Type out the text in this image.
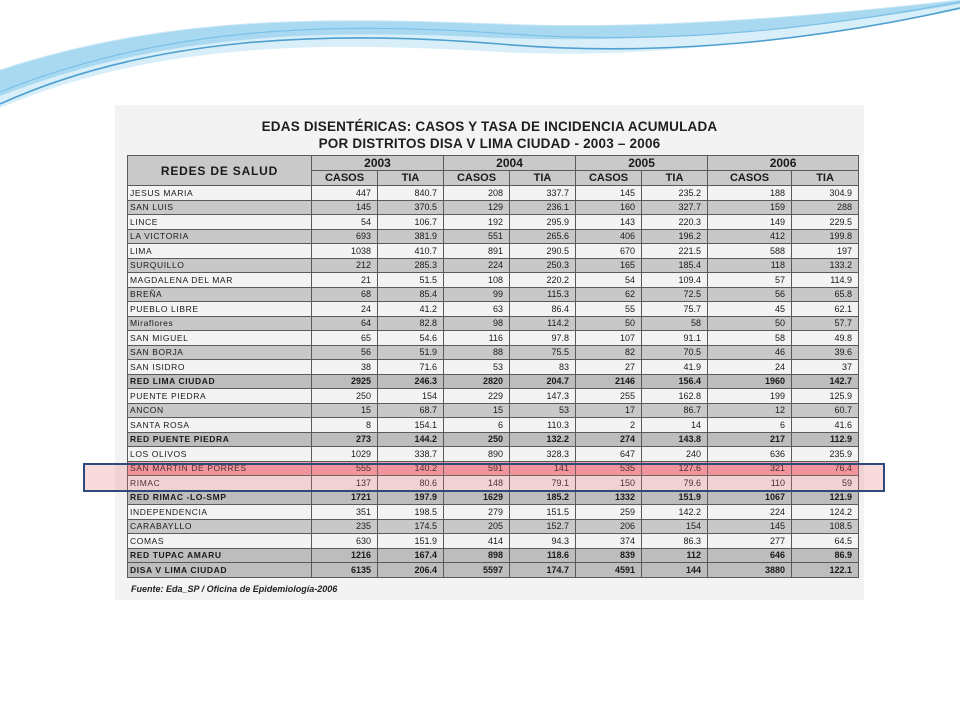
EDAS DISENTÉRICAS: CASOS Y TASA DE INCIDENCIA ACUMULADA
POR DISTRITOS DISA V LIMA CIUDAD - 2003 – 2006
REDES DE SALUD	2003		2004		2005		2006	
	CASOS	TIA	CASOS	TIA	CASOS	TIA	CASOS	TIA
JESUS MARIA	447	840.7	208	337.7	145	235.2	188	304.9
SAN LUIS	145	370.5	129	236.1	160	327.7	159	288
LINCE	54	106.7	192	295.9	143	220.3	149	229.5
LA VICTORIA	693	381.9	551	265.6	406	196.2	412	199.8
LIMA	1038	410.7	891	290.5	670	221.5	588	197
SURQUILLO	212	285.3	224	250.3	165	185.4	118	133.2
MAGDALENA DEL MAR	21	51.5	108	220.2	54	109.4	57	114.9
BREÑA	68	85.4	99	115.3	62	72.5	56	65.8
PUEBLO LIBRE	24	41.2	63	86.4	55	75.7	45	62.1
Miraflores	64	82.8	98	114.2	50	58	50	57.7
SAN MIGUEL	65	54.6	116	97.8	107	91.1	58	49.8
SAN BORJA	56	51.9	88	75.5	82	70.5	46	39.6
SAN ISIDRO	38	71.6	53	83	27	41.9	24	37
RED LIMA CIUDAD	2925	246.3	2820	204.7	2146	156.4	1960	142.7
PUENTE PIEDRA	250	154	229	147.3	255	162.8	199	125.9
ANCON	15	68.7	15	53	17	86.7	12	60.7
SANTA ROSA	8	154.1	6	110.3	2	14	6	41.6
RED PUENTE PIEDRA	273	144.2	250	132.2	274	143.8	217	112.9
LOS OLIVOS	1029	338.7	890	328.3	647	240	636	235.9
SAN MARTÍN DE PORRES	555	140.2	591	141	535	127.6	321	76.4
RIMAC	137	80.6	148	79.1	150	79.6	110	59
RED RIMAC -LO-SMP	1721	197.9	1629	185.2	1332	151.9	1067	121.9
INDEPENDENCIA	351	198.5	279	151.5	259	142.2	224	124.2
CARABAYLLO	235	174.5	205	152.7	206	154	145	108.5
COMAS	630	151.9	414	94.3	374	86.3	277	64.5
RED TUPAC AMARU	1216	167.4	898	118.6	839	112	646	86.9
DISA V LIMA CIUDAD	6135	206.4	5597	174.7	4591	144	3880	122.1
Fuente: Eda_SP / Oficina de Epidemiología-2006
